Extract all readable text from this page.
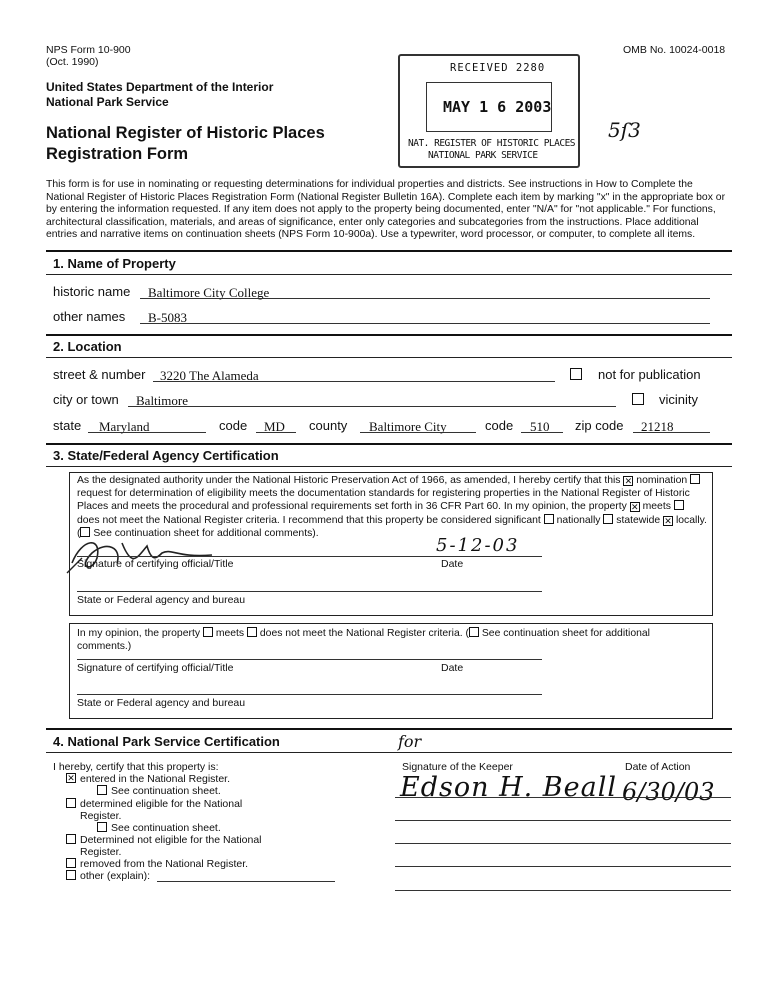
NPS Form 10-900
(Oct. 1990)
OMB No. 10024-0018
United States Department of the Interior
National Park Service
National Register of Historic Places
Registration Form
RECEIVED 2280
MAY 1 6 2003
NAT. REGISTER OF HISTORIC PLACES
NATIONAL PARK SERVICE
5ſ3
This form is for use in nominating or requesting determinations for individual properties and districts. See instructions in How to Complete the National Register of Historic Places Registration Form (National Register Bulletin 16A). Complete each item by marking "x" in the appropriate box or by entering the information requested. If any item does not apply to the property being documented, enter "N/A" for "not applicable." For functions, architectural classification, materials, and areas of significance, enter only categories and subcategories from the instructions. Place additional entries and narrative items on continuation sheets (NPS Form 10-900a). Use a typewriter, word processor, or computer, to complete all items.
1. Name of Property
historic name Baltimore City College
other names B-5083
2. Location
street & number 3220 The Alameda	not for publication
city or town Baltimore	vicinity
state Maryland	code MD county Baltimore City	code 510 zip code 21218
3. State/Federal Agency Certification
As the designated authority under the National Historic Preservation Act of 1966, as amended, I hereby certify that this ✕ nomination  request for determination of eligibility meets the documentation standards for registering properties in the National Register of Historic Places and meets the procedural and professional requirements set forth in 36 CFR Part 60. In my opinion, the property ✕ meets  does not meet the National Register criteria. I recommend that this property be considered significant nationally statewide ✕ locally. ( See continuation sheet for additional comments).
5-12-03
Signature of certifying official/Title	Date
State or Federal agency and bureau
In my opinion, the property meets does not meet the National Register criteria. ( See continuation sheet for additional comments.)
Signature of certifying official/Title	Date
State or Federal agency and bureau
4. National Park Service Certification
I hereby, certify that this property is:
✕
entered in the National Register.
See continuation sheet.
determined eligible for the National Register.
See continuation sheet.
Determined not eligible for the National Register.
removed from the National Register.
other (explain):
Signature of the Keeper	Date of Action
for
Edson H. Beall 6/30/03
